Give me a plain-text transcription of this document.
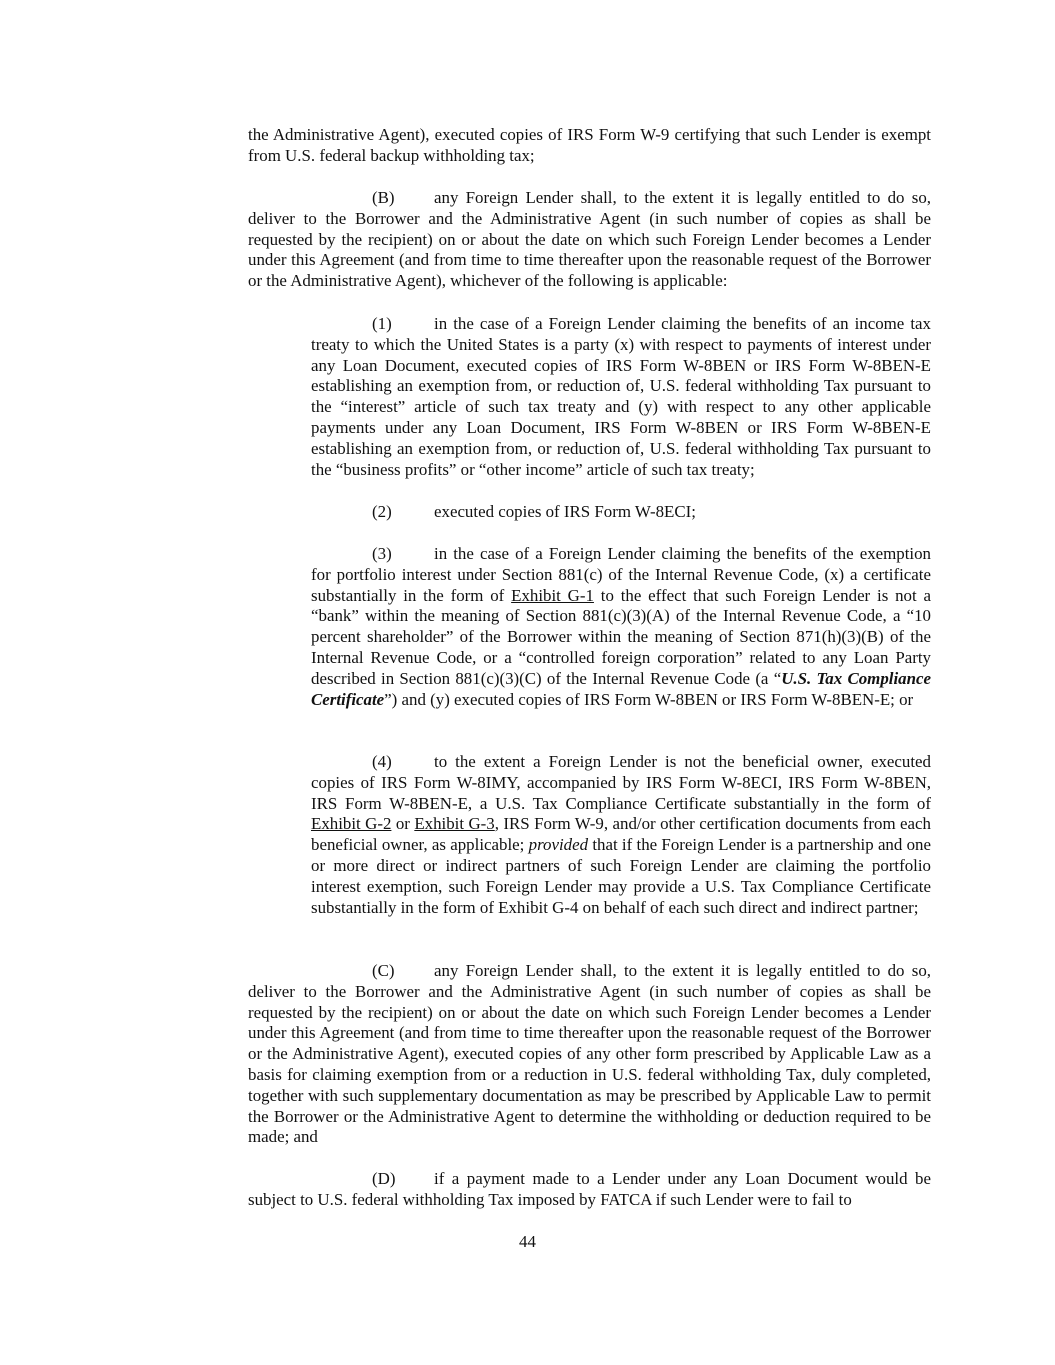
the Administrative Agent), executed copies of IRS Form W-9 certifying that such Lender is exempt from U.S. federal backup withholding tax;

(B) any Foreign Lender shall, to the extent it is legally entitled to do so, deliver to the Borrower and the Administrative Agent (in such number of copies as shall be requested by the recipient) on or about the date on which such Foreign Lender becomes a Lender under this Agreement (and from time to time thereafter upon the reasonable request of the Borrower or the Administrative Agent), whichever of the following is applicable:

(1)	in the case of a Foreign Lender claiming the benefits of an income tax treaty to which the United States is a party (x) with respect to payments of interest under any Loan Document, executed copies of IRS Form W-8BEN or IRS Form W-8BEN-E establishing an exemption from, or reduction of, U.S. federal withholding Tax pursuant to the “interest” article of such tax treaty and (y) with respect to any other applicable payments under any Loan Document, IRS Form W-8BEN or IRS Form W-8BEN-E establishing an exemption from, or reduction of, U.S. federal withholding Tax pursuant to the “business profits” or “other income” article of such tax treaty;

(2)	executed copies of IRS Form W-8ECI;

(3)	in the case of a Foreign Lender claiming the benefits of the exemption for portfolio interest under Section 881(c) of the Internal Revenue Code, (x) a certificate substantially in the form of Exhibit G-1 to the effect that such Foreign Lender is not a “bank” within the meaning of Section 881(c)(3)(A) of the Internal Revenue Code, a “10 percent shareholder” of the Borrower within the meaning of Section 871(h)(3)(B) of the Internal Revenue Code, or a “controlled foreign corporation” related to any Loan Party described in Section 881(c)(3)(C) of the Internal Revenue Code (a “U.S. Tax Compliance Certificate”) and (y) executed copies of IRS Form W-8BEN or IRS Form W-8BEN-E; or

(4)	to the extent a Foreign Lender is not the beneficial owner, executed copies of IRS Form W-8IMY, accompanied by IRS Form W-8ECI, IRS Form W-8BEN, IRS Form W-8BEN-E, a U.S. Tax Compliance Certificate substantially in the form of Exhibit G-2 or Exhibit G-3, IRS Form W-9, and/or other certification documents from each beneficial owner, as applicable; provided that if the Foreign Lender is a partnership and one or more direct or indirect partners of such Foreign Lender are claiming the portfolio interest exemption, such Foreign Lender may provide a U.S. Tax Compliance Certificate substantially in the form of Exhibit G-4 on behalf of each such direct and indirect partner;

(C) any Foreign Lender shall, to the extent it is legally entitled to do so, deliver to the Borrower and the Administrative Agent (in such number of copies as shall be requested by the recipient) on or about the date on which such Foreign Lender becomes a Lender under this Agreement (and from time to time thereafter upon the reasonable request of the Borrower or the Administrative Agent), executed copies of any other form prescribed by Applicable Law as a basis for claiming exemption from or a reduction in U.S. federal withholding Tax, duly completed, together with such supplementary documentation as may be prescribed by Applicable Law to permit the Borrower or the Administrative Agent to determine the withholding or deduction required to be made; and

(D) if a payment made to a Lender under any Loan Document would be subject to U.S. federal withholding Tax imposed by FATCA if such Lender were to fail to

44
